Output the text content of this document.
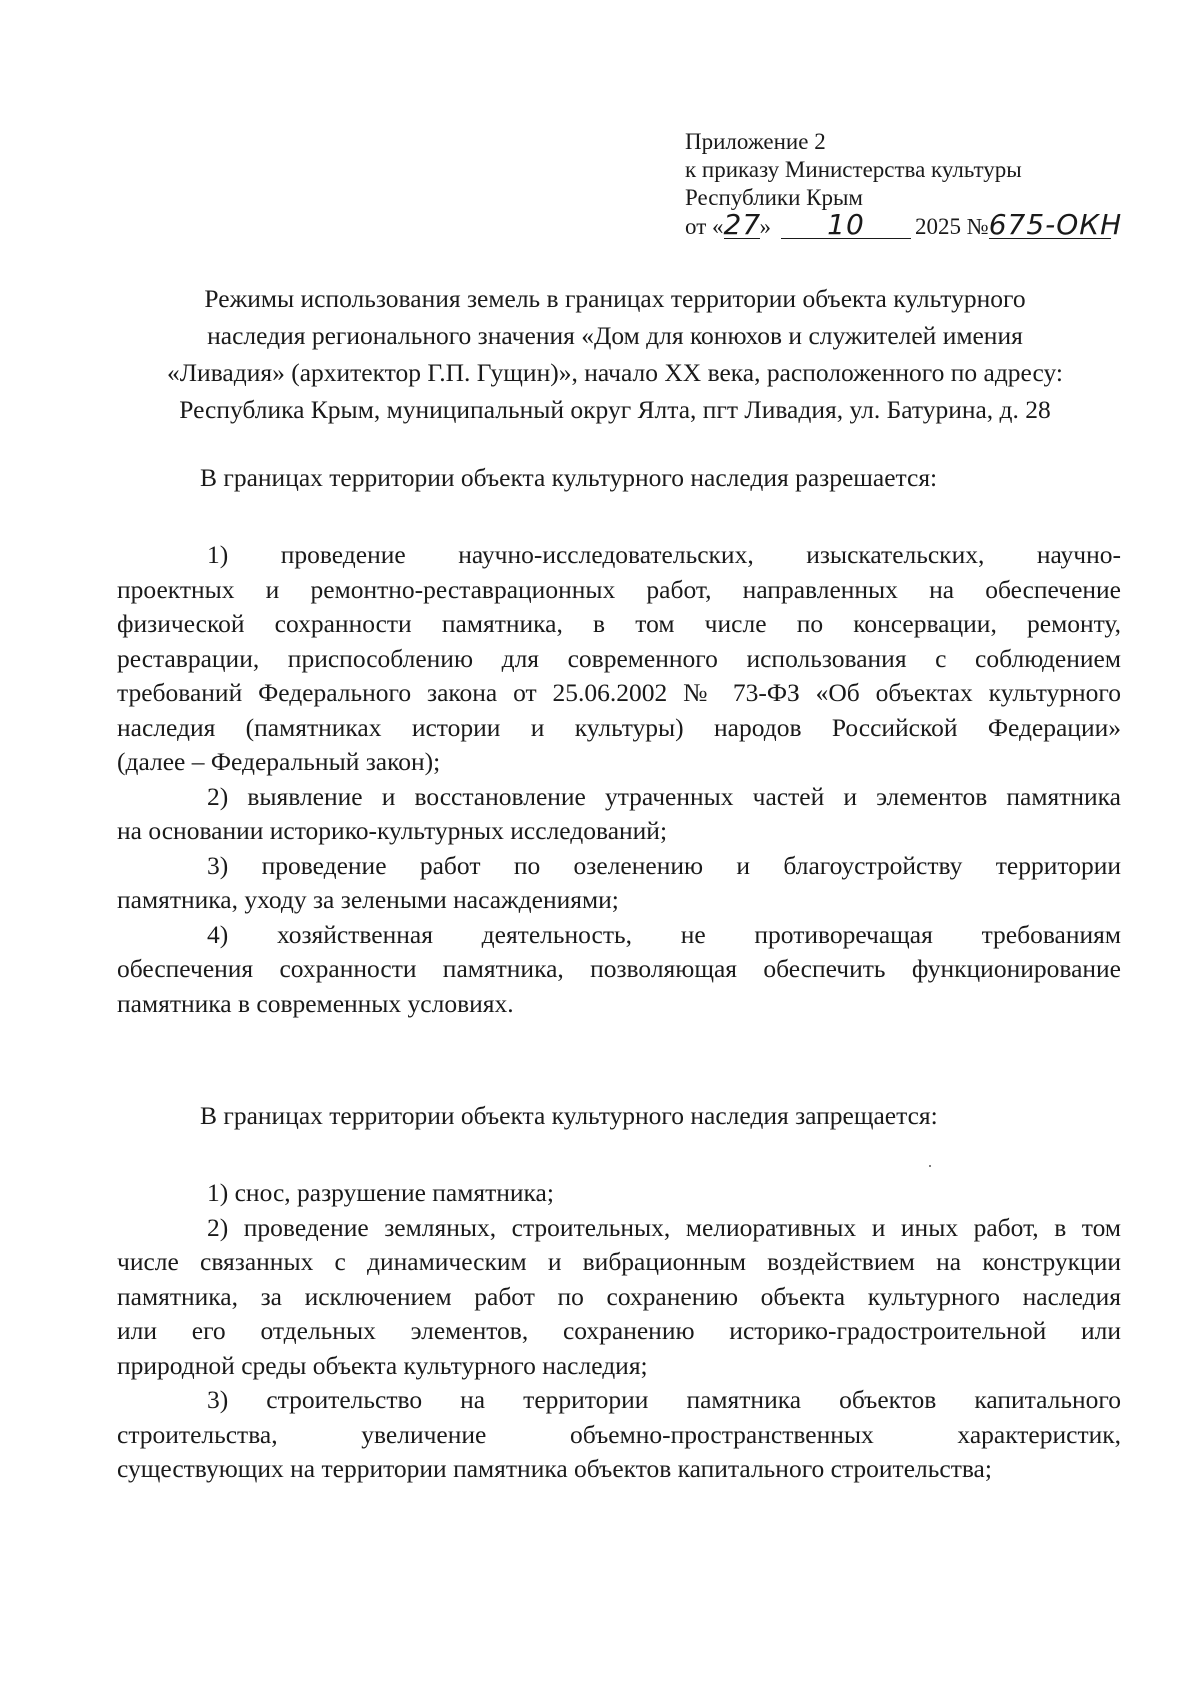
Приложение 2
к приказу Министерства культуры
Республики Крым
от «27» 10 2025 №675-ОКН
Режимы использования земель в границах территории объекта культурного
наследия регионального значения «Дом для конюхов и служителей имения
«Ливадия» (архитектор Г.П. Гущин)», начало XX века, расположенного по адресу:
Республика Крым, муниципальный округ Ялта, пгт Ливадия, ул. Батурина, д. 28
В границах территории объекта культурного наследия разрешается:
1) проведение научно-исследовательских, изыскательских, научно-
проектных и ремонтно-реставрационных работ, направленных на обеспечение
физической сохранности памятника, в том числе по консервации, ремонту,
реставрации, приспособлению для современного использования с соблюдением
требований Федерального закона от 25.06.2002 № 73-ФЗ «Об объектах культурного
наследия (памятниках истории и культуры) народов Российской Федерации»
(далее – Федеральный закон);
2) выявление и восстановление утраченных частей и элементов памятника
на основании историко-культурных исследований;
3) проведение работ по озеленению и благоустройству территории
памятника, уходу за зелеными насаждениями;
4) хозяйственная деятельность, не противоречащая требованиям
обеспечения сохранности памятника, позволяющая обеспечить функционирование
памятника в современных условиях.
В границах территории объекта культурного наследия запрещается:
1) снос, разрушение памятника;
2) проведение земляных, строительных, мелиоративных и иных работ, в том
числе связанных с динамическим и вибрационным воздействием на конструкции
памятника, за исключением работ по сохранению объекта культурного наследия
или его отдельных элементов, сохранению историко-градостроительной или
природной среды объекта культурного наследия;
3) строительство на территории памятника объектов капитального
строительства, увеличение объемно-пространственных характеристик,
существующих на территории памятника объектов капитального строительства;
